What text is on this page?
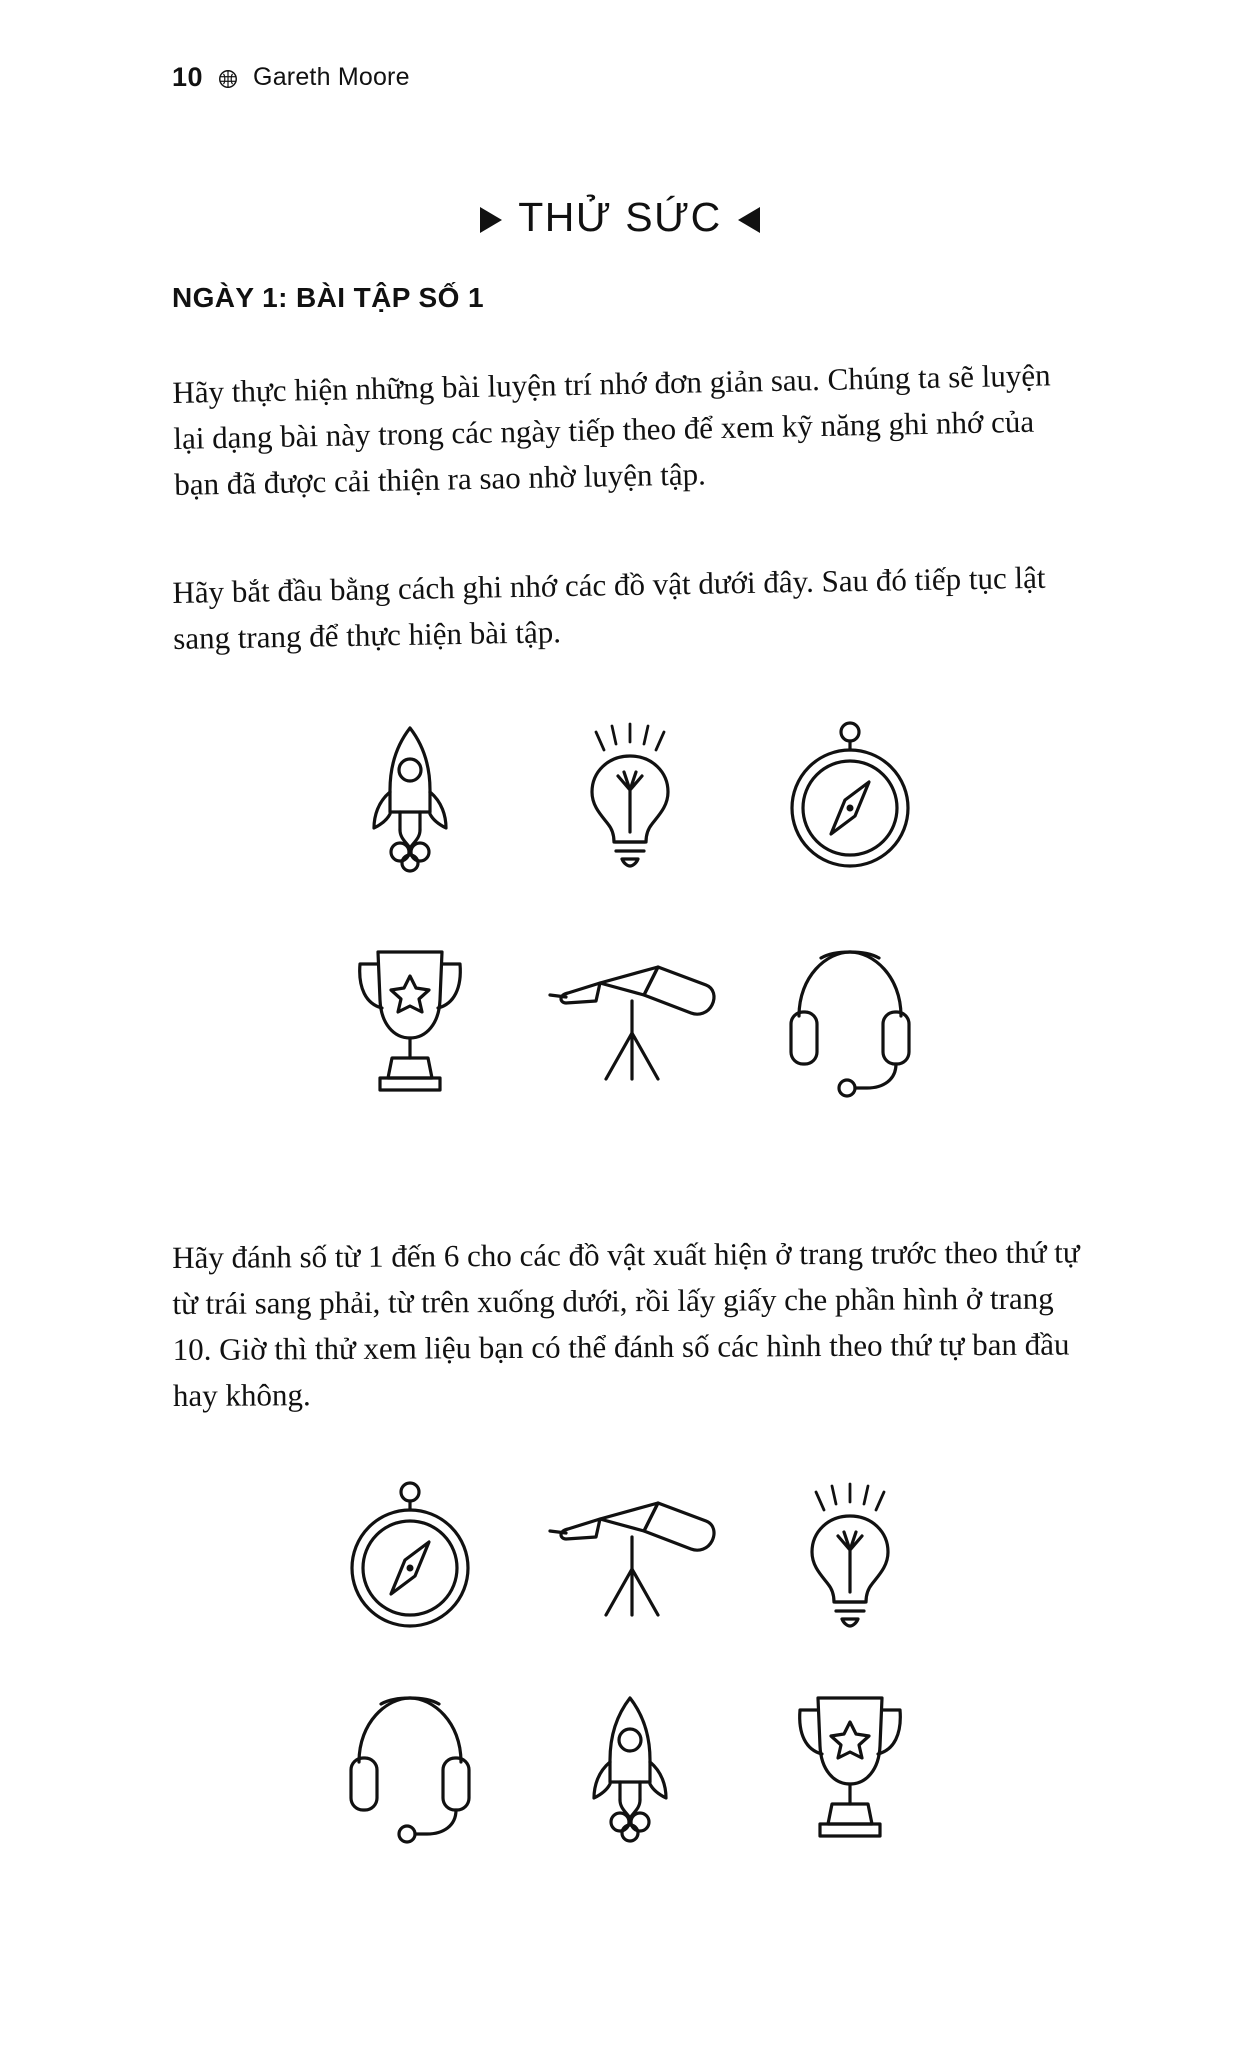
10 Gareth Moore
THỬ SỨC
NGÀY 1: BÀI TẬP SỐ 1
Hãy thực hiện những bài luyện trí nhớ đơn giản sau. Chúng ta sẽ luyện lại dạng bài này trong các ngày tiếp theo để xem kỹ năng ghi nhớ của bạn đã được cải thiện ra sao nhờ luyện tập.
Hãy bắt đầu bằng cách ghi nhớ các đồ vật dưới đây. Sau đó tiếp tục lật sang trang để thực hiện bài tập.
Hãy đánh số từ 1 đến 6 cho các đồ vật xuất hiện ở trang trước theo thứ tự từ trái sang phải, từ trên xuống dưới, rồi lấy giấy che phần hình ở trang 10. Giờ thì thử xem liệu bạn có thể đánh số các hình theo thứ tự ban đầu hay không.
